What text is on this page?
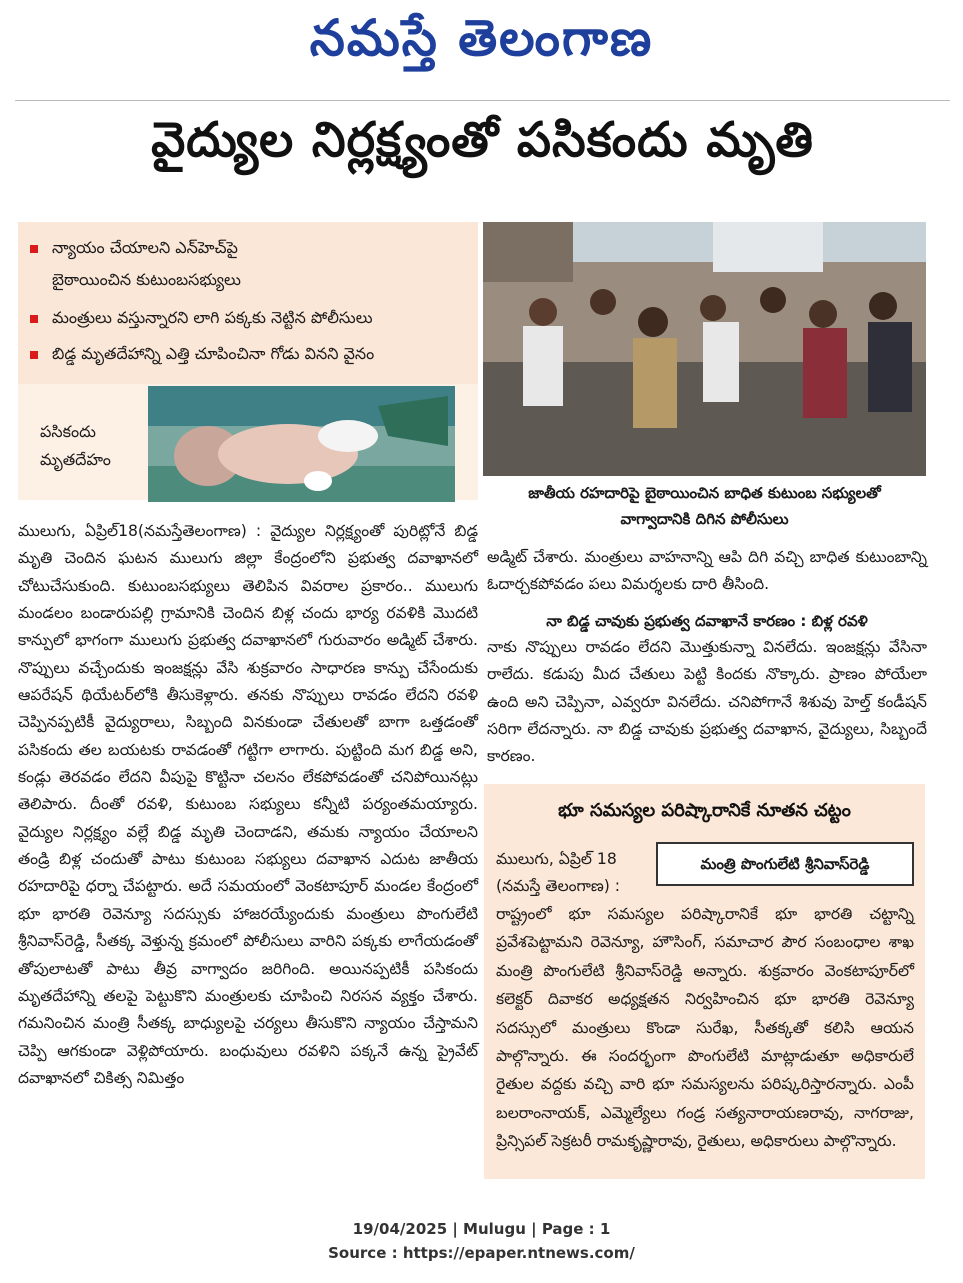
నమస్తే తెలంగాణ
వైద్యుల నిర్లక్ష్యంతో పసికందు మృతి
న్యాయం చేయాలని ఎన్‌హెచ్‌పై
బైఠాయించిన కుటుంబసభ్యులు
మంత్రులు వస్తున్నారని లాగి పక్కకు నెట్టిన పోలీసులు
బిడ్డ మృతదేహాన్ని ఎత్తి చూపించినా గోడు వినని వైనం
పసికందు
మృతదేహం
జాతీయ రహదారిపై బైఠాయించిన బాధిత కుటుంబ సభ్యులతో
వాగ్వాదానికి దిగిన పోలీసులు

ములుగు, ఏప్రిల్18(నమస్తేతెలంగాణ) : వైద్యుల నిర్లక్ష్యంతో పురిట్లోనే బిడ్డ మృతి చెందిన ఘటన ములుగు జిల్లా కేంద్రంలోని ప్రభుత్వ దవాఖానలో చోటుచేసుకుంది. కుటుంబసభ్యులు తెలిపిన వివరాల ప్రకారం.. ములుగు మండలం బండారుపల్లి గ్రామానికి చెందిన బిళ్ల చందు భార్య రవళికి మొదటి కాన్పులో భాగంగా ములుగు ప్రభుత్వ దవాఖానలో గురువారం అడ్మిట్ చేశారు. నొప్పులు వచ్చేందుకు ఇంజక్షన్లు వేసి శుక్రవారం సాధారణ కాన్పు చేసేందుకు ఆపరేషన్ థియేటర్‌లోకి తీసుకెళ్లారు. తనకు నొప్పులు రావడం లేదని రవళి చెప్పినప్పటికీ వైద్యురాలు, సిబ్బంది వినకుండా చేతులతో బాగా ఒత్తడంతో పసికందు తల బయటకు రావడంతో గట్టిగా లాగారు. పుట్టింది మగ బిడ్డ అని, కండ్లు తెరవడం లేదని వీపుపై కొట్టినా చలనం లేకపోవడంతో చనిపోయినట్లు తెలిపారు. దీంతో రవళి, కుటుంబ సభ్యులు కన్నీటి పర్యంతమయ్యారు. వైద్యుల నిర్లక్ష్యం వల్లే బిడ్డ మృతి చెందాడని, తమకు న్యాయం చేయాలని తండ్రి బిళ్ల చందుతో పాటు కుటుంబ సభ్యులు దవాఖాన ఎదుట జాతీయ రహదారిపై ధర్నా చేపట్టారు. అదే సమయంలో వెంకటాపూర్ మండల కేంద్రంలో భూ భారతి రెవెన్యూ సదస్సుకు హాజరయ్యేందుకు మంత్రులు పొంగులేటి శ్రీనివాస్‌రెడ్డి, సీతక్క వెళ్తున్న క్రమంలో పోలీసులు వారిని పక్కకు లాగేయడంతో తోపులాటతో పాటు తీవ్ర వాగ్వాదం జరిగింది. అయినప్పటికీ పసికందు మృతదేహాన్ని తలపై పెట్టుకొని మంత్రులకు చూపించి నిరసన వ్యక్తం చేశారు. గమనించిన మంత్రి సీతక్క బాధ్యులపై చర్యలు తీసుకొని న్యాయం చేస్తామని చెప్పి ఆగకుండా వెళ్లిపోయారు. బంధువులు రవళిని పక్కనే ఉన్న ప్రైవేట్ దవాఖానలో చికిత్స నిమిత్తం

అడ్మిట్ చేశారు. మంత్రులు వాహనాన్ని ఆపి దిగి వచ్చి బాధిత కుటుంబాన్ని ఓదార్చకపోవడం పలు విమర్శలకు దారి తీసింది.

నా బిడ్డ చావుకు ప్రభుత్వ దవాఖానే కారణం : బిళ్ల రవళి

నాకు నొప్పులు రావడం లేదని మొత్తుకున్నా వినలేదు. ఇంజక్షన్లు వేసినా రాలేదు. కడుపు మీద చేతులు పెట్టి కిందకు నొక్కారు. ప్రాణం పోయేలా ఉంది అని చెప్పినా, ఎవ్వరూ వినలేదు. చనిపోగానే శిశువు హెల్త్ కండీషన్ సరిగా లేదన్నారు. నా బిడ్డ చావుకు ప్రభుత్వ దవాఖాన, వైద్యులు, సిబ్బందే కారణం.

భూ సమస్యల పరిష్కారానికే నూతన చట్టం
ములుగు, ఏప్రిల్ 18
(నమస్తే తెలంగాణ) :
మంత్రి పొంగులేటి శ్రీనివాస్‌రెడ్డి

రాష్ట్రంలో భూ సమస్యల పరిష్కారానికే భూ భారతి చట్టాన్ని ప్రవేశపెట్టామని రెవెన్యూ, హౌసింగ్, సమాచార పౌర సంబంధాల శాఖ మంత్రి పొంగులేటి శ్రీనివాస్‌రెడ్డి అన్నారు. శుక్రవారం వెంకటాపూర్‌లో కలెక్టర్ దివాకర అధ్యక్షతన నిర్వహించిన భూ భారతి రెవెన్యూ సదస్సులో మంత్రులు కొండా సురేఖ, సీతక్కతో కలిసి ఆయన పాల్గొన్నారు. ఈ సందర్భంగా పొంగులేటి మాట్లాడుతూ అధికారులే రైతుల వద్దకు వచ్చి వారి భూ సమస్యలను పరిష్కరిస్తారన్నారు. ఎంపీ బలరాంనాయక్, ఎమ్మెల్యేలు గండ్ర సత్యనారాయణరావు, నాగరాజు, ప్రిన్సిపల్ సెక్రటరీ రామకృష్ణారావు, రైతులు, అధికారులు పాల్గొన్నారు.

19/04/2025 | Mulugu | Page : 1
Source : https://epaper.ntnews.com/
